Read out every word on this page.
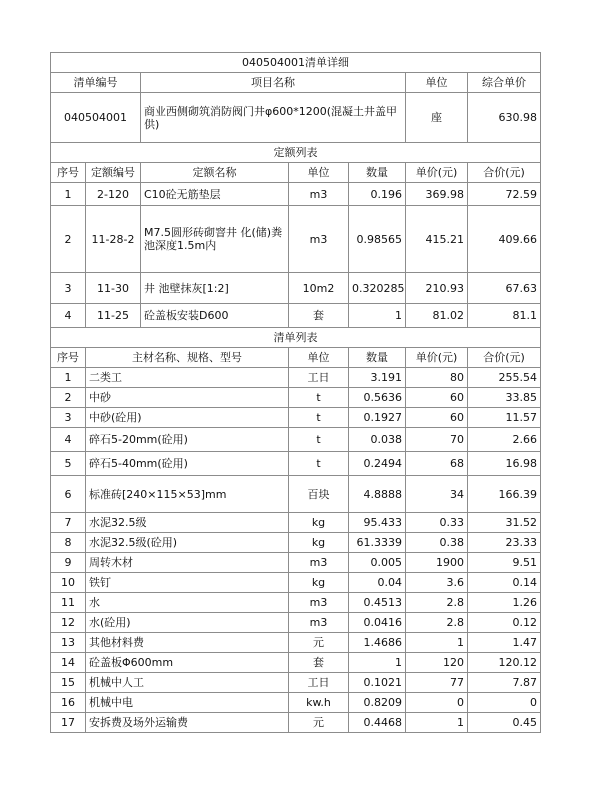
040504001清单详细						
清单编号		项目名称			单位	综合单价
040504001		商业西侧砌筑消防阀门井φ600*1200(混凝土井盖甲供)			座	630.98
定额列表						
序号	定额编号	定额名称	单位	数量	单价(元)	合价(元)
1	2-120	C10砼无筋垫层	m3	0.196	369.98	72.59
2	11-28-2	M7.5圆形砖砌窨井 化(储)粪池深度1.5m内	m3	0.98565	415.21	409.66
3	11-30	井 池壁抹灰[1:2]	10m2	0.320285	210.93	67.63
4	11-25	砼盖板安装D600	套	1	81.02	81.1
清单列表						
序号	主材名称、规格、型号		单位	数量	单价(元)	合价(元)
1	二类工		工日	3.191	80	255.54
2	中砂		t	0.5636	60	33.85
3	中砂(砼用)		t	0.1927	60	11.57
4	碎石5-20mm(砼用)		t	0.038	70	2.66
5	碎石5-40mm(砼用)		t	0.2494	68	16.98
6	标准砖[240×115×53]mm		百块	4.8888	34	166.39
7	水泥32.5级		kg	95.433	0.33	31.52
8	水泥32.5级(砼用)		kg	61.3339	0.38	23.33
9	周转木材		m3	0.005	1900	9.51
10	铁钉		kg	0.04	3.6	0.14
11	水		m3	0.4513	2.8	1.26
12	水(砼用)		m3	0.0416	2.8	0.12
13	其他材料费		元	1.4686	1	1.47
14	砼盖板Φ600mm		套	1	120	120.12
15	机械中人工		工日	0.1021	77	7.87
16	机械中电		kw.h	0.8209	0	0
17	安拆费及场外运输费		元	0.4468	1	0.45
